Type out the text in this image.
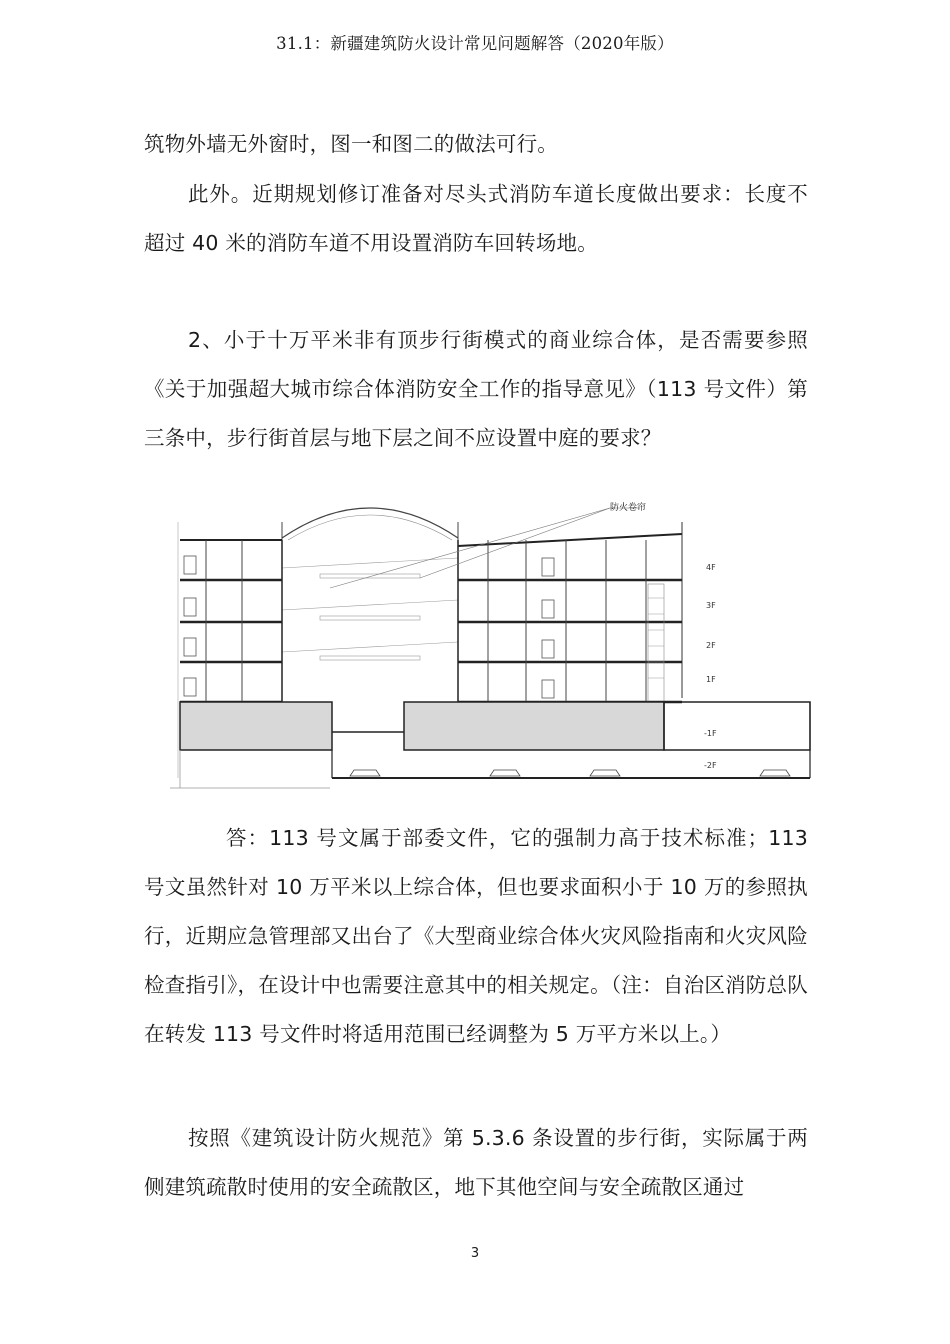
31.1：新疆建筑防火设计常见问题解答（2020年版）

筑物外墙无外窗时，图一和图二的做法可行。

此外。近期规划修订准备对尽头式消防车道长度做出要求：长度不超过 40 米的消防车道不用设置消防车回转场地。

2、小于十万平米非有顶步行街模式的商业综合体，是否需要参照《关于加强超大城市综合体消防安全工作的指导意见》（113 号文件）第三条中，步行街首层与地下层之间不应设置中庭的要求？

防火卷帘
4F
3F
2F
1F
-1F
-2F

答：113 号文属于部委文件，它的强制力高于技术标准；113 号文虽然针对 10 万平米以上综合体，但也要求面积小于 10 万的参照执行，近期应急管理部又出台了《大型商业综合体火灾风险指南和火灾风险检查指引》，在设计中也需要注意其中的相关规定。（注：自治区消防总队在转发 113 号文件时将适用范围已经调整为 5 万平方米以上。）

按照《建筑设计防火规范》第 5.3.6 条设置的步行街，实际属于两侧建筑疏散时使用的安全疏散区，地下其他空间与安全疏散区通过

3
